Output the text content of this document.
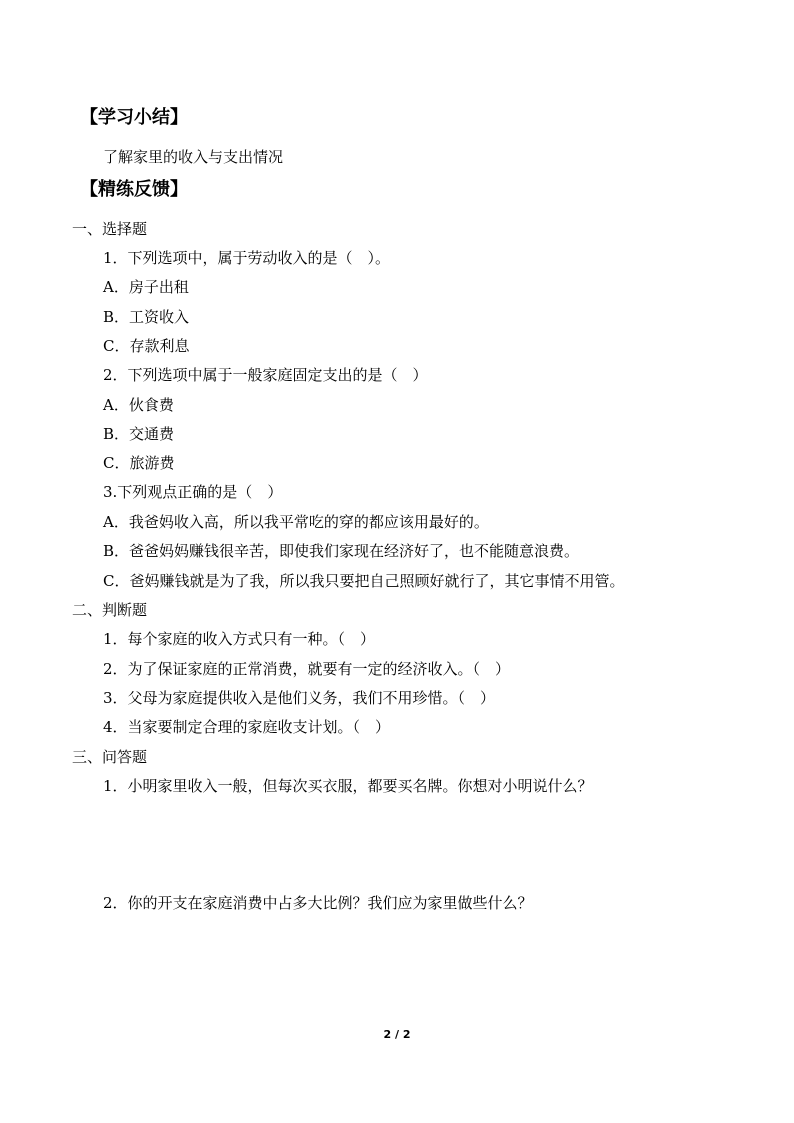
【学习小结】
了解家里的收入与支出情况
【精练反馈】
一、选择题
1．下列选项中，属于劳动收入的是（　）。
A．房子出租
B．工资收入
C．存款利息
2．下列选项中属于一般家庭固定支出的是（　）
A．伙食费
B．交通费
C．旅游费
3.下列观点正确的是（　）
A．我爸妈收入高，所以我平常吃的穿的都应该用最好的。
B．爸爸妈妈赚钱很辛苦，即使我们家现在经济好了，也不能随意浪费。
C．爸妈赚钱就是为了我，所以我只要把自己照顾好就行了，其它事情不用管。
二、判断题
1．每个家庭的收入方式只有一种。（　）
2．为了保证家庭的正常消费，就要有一定的经济收入。（　）
3．父母为家庭提供收入是他们义务，我们不用珍惜。（　）
4．当家要制定合理的家庭收支计划。（　）
三、问答题
1．小明家里收入一般，但每次买衣服，都要买名牌。你想对小明说什么？
2．你的开支在家庭消费中占多大比例？我们应为家里做些什么？
2 / 2
